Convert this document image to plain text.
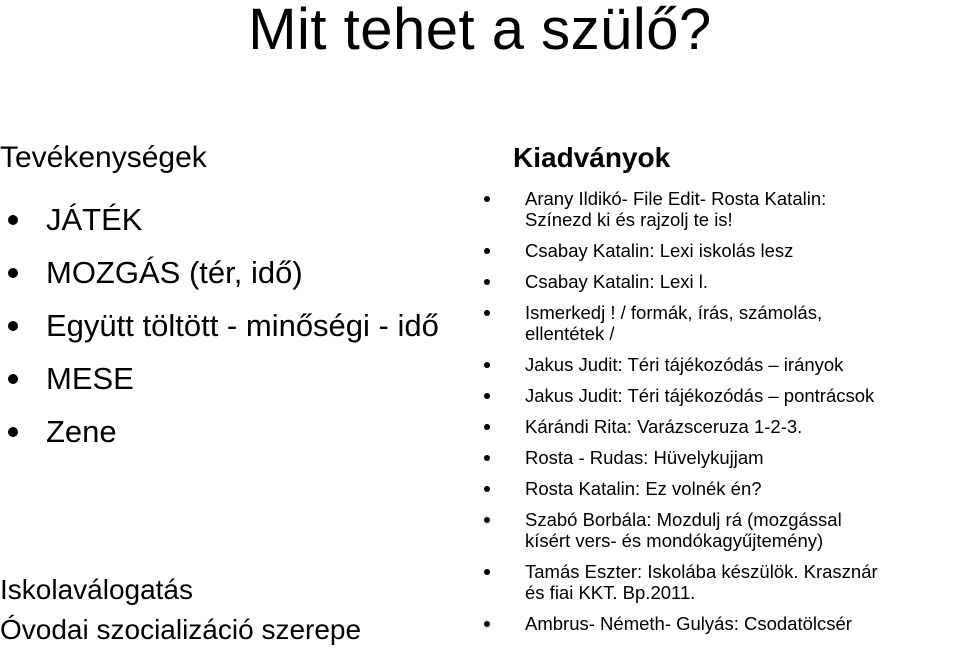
Mit tehet a szülő?
Tevékenységek
JÁTÉK
MOZGÁS (tér, idő)
Együtt töltött - minőségi - idő
MESE
Zene
Iskolaválogatás
Óvodai szocializáció szerepe
Kiadványok
Arany Ildikó- File Edit- Rosta Katalin:
Színezd ki és rajzolj te is!
Csabay Katalin: Lexi iskolás lesz
Csabay Katalin: Lexi l.
Ismerkedj ! / formák, írás, számolás,
ellentétek /
Jakus Judit: Téri tájékozódás – irányok
Jakus Judit: Téri tájékozódás – pontrácsok
Kárándi Rita: Varázsceruza 1-2-3.
Rosta - Rudas: Hüvelykujjam
Rosta Katalin: Ez volnék én?
Szabó Borbála: Mozdulj rá (mozgással
kísért vers- és mondókagyűjtemény)
Tamás Eszter: Iskolába készülök. Krasznár
és fiai KKT. Bp.2011.
Ambrus- Németh- Gulyás: Csodatölcsér
